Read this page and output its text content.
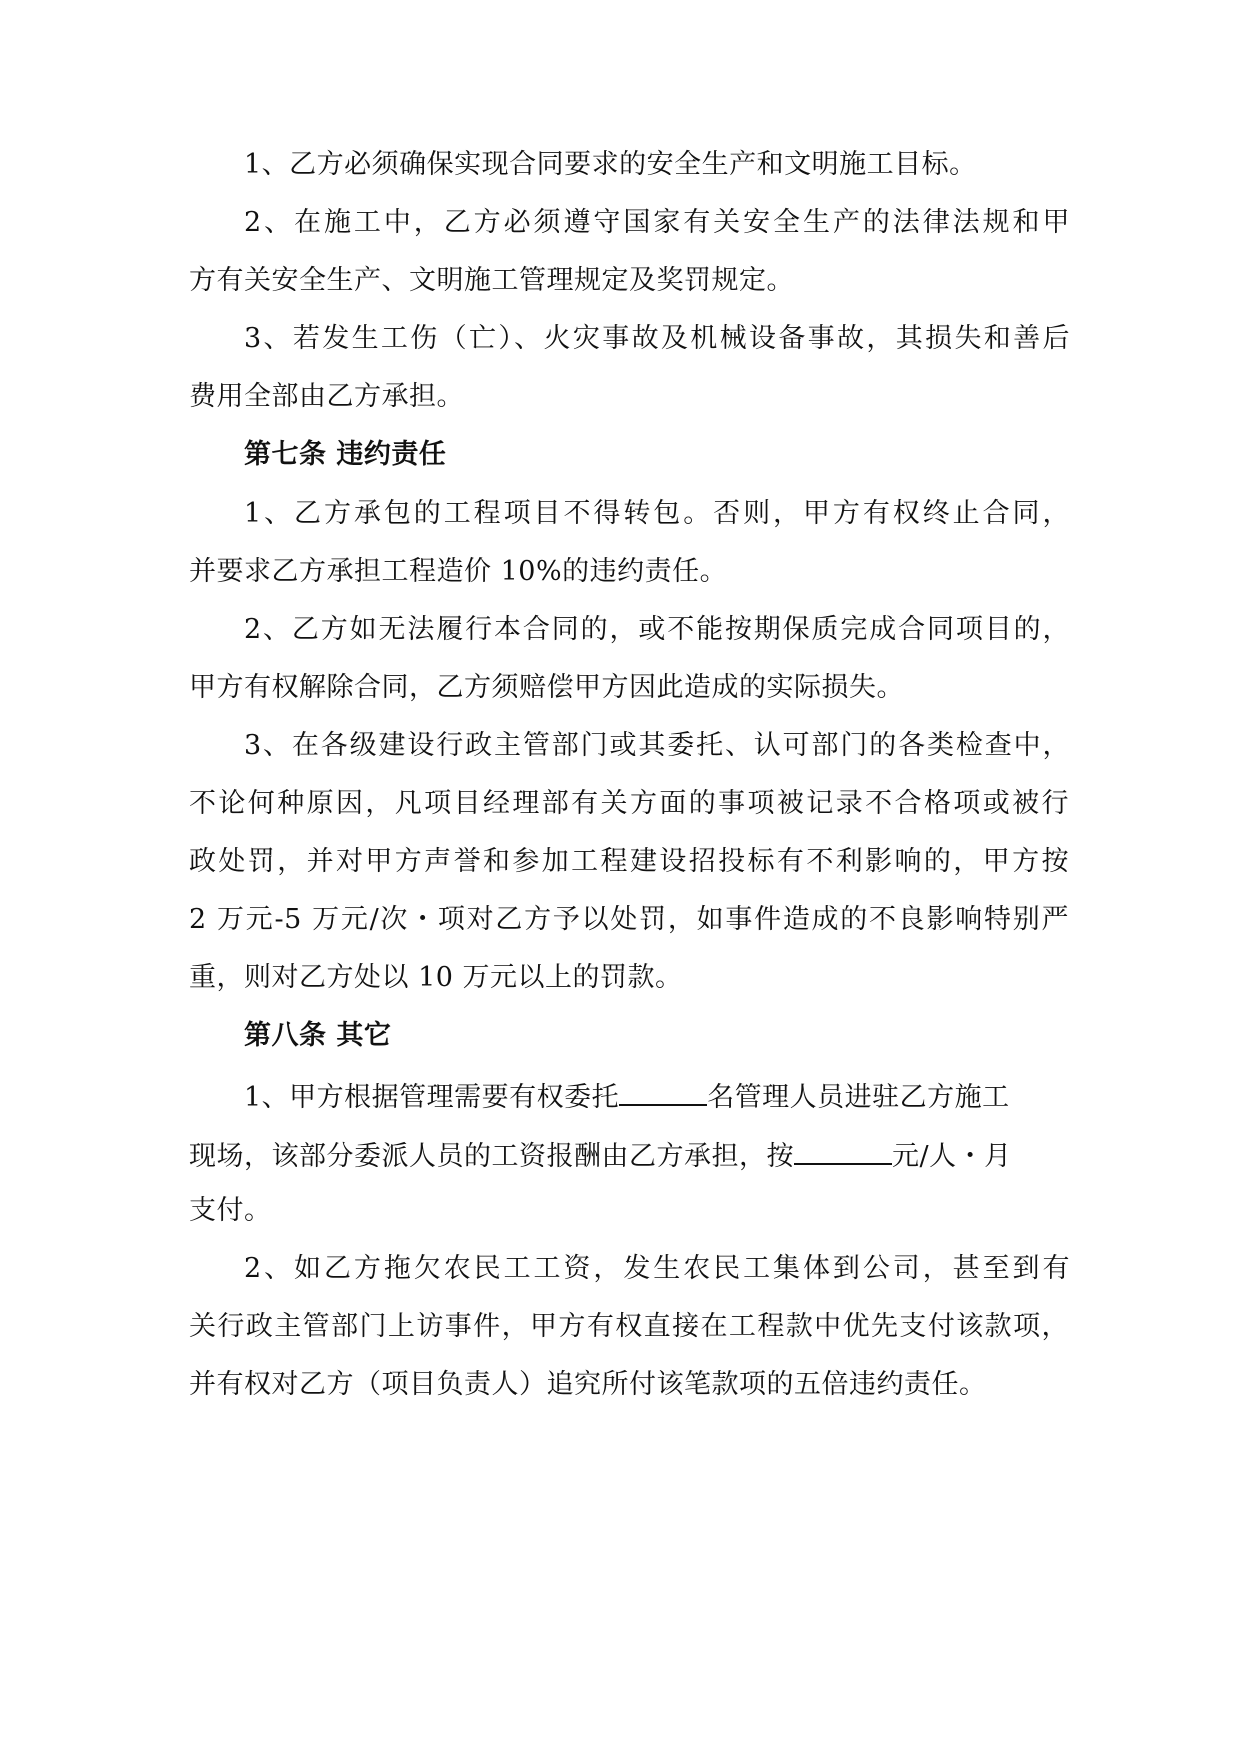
1、乙方必须确保实现合同要求的安全生产和文明施工目标。
2、在施工中，乙方必须遵守国家有关安全生产的法律法规和甲
方有关安全生产、文明施工管理规定及奖罚规定。
3、若发生工伤（亡）、火灾事故及机械设备事故，其损失和善后
费用全部由乙方承担。
第七条 违约责任
1、乙方承包的工程项目不得转包。否则，甲方有权终止合同，
并要求乙方承担工程造价 10%的违约责任。
2、乙方如无法履行本合同的，或不能按期保质完成合同项目的，
甲方有权解除合同，乙方须赔偿甲方因此造成的实际损失。
3、在各级建设行政主管部门或其委托、认可部门的各类检查中，
不论何种原因，凡项目经理部有关方面的事项被记录不合格项或被行
政处罚，并对甲方声誉和参加工程建设招投标有不利影响的，甲方按
2 万元-5 万元/次・项对乙方予以处罚，如事件造成的不良影响特别严
重，则对乙方处以 10 万元以上的罚款。
第八条 其它
1、甲方根据管理需要有权委托	名管理人员进驻乙方施工
现场，该部分委派人员的工资报酬由乙方承担，按	元/人・月
支付。
2、如乙方拖欠农民工工资，发生农民工集体到公司，甚至到有
关行政主管部门上访事件，甲方有权直接在工程款中优先支付该款项，
并有权对乙方（项目负责人）追究所付该笔款项的五倍违约责任。
